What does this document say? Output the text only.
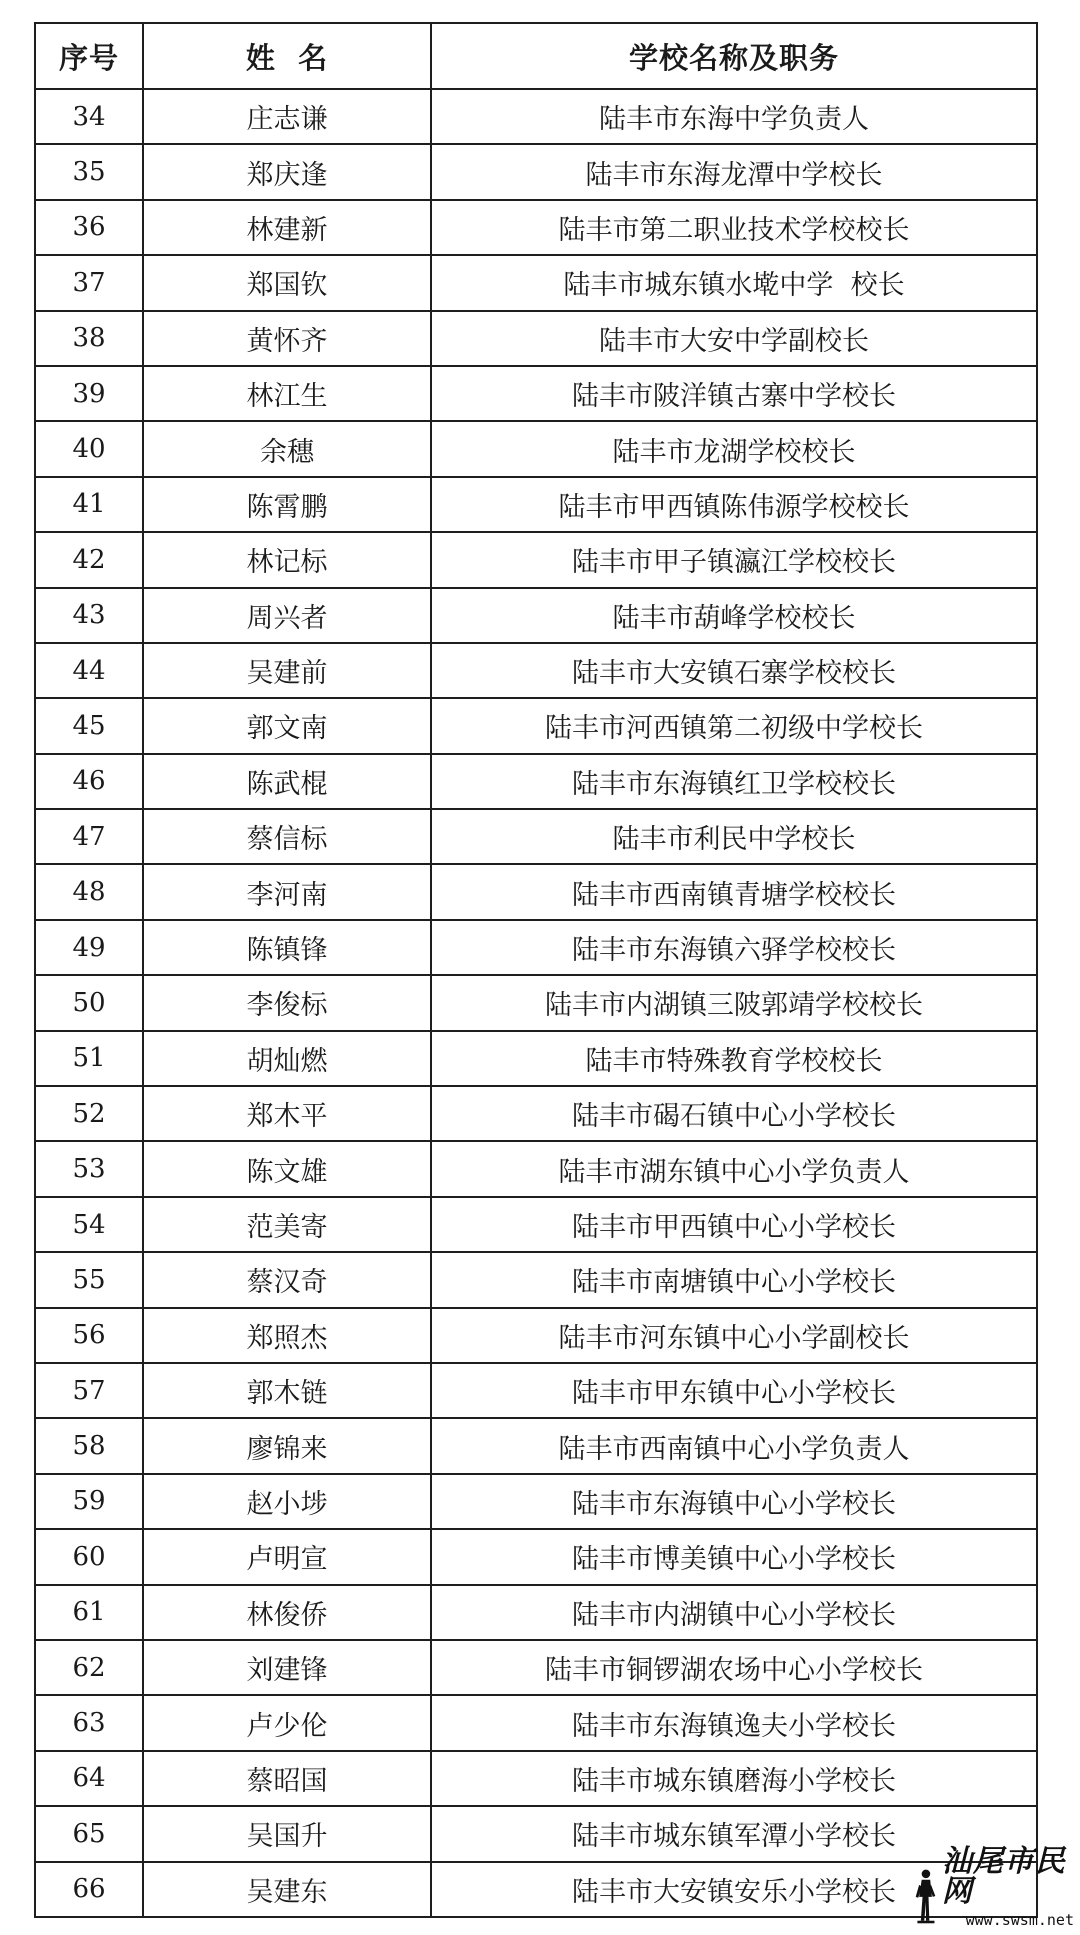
序号	姓  名	学校名称及职务
34	庄志谦	陆丰市东海中学负责人
35	郑庆逢	陆丰市东海龙潭中学校长
36	林建新	陆丰市第二职业技术学校校长
37	郑国钦	陆丰市城东镇水墘中学  校长
38	黄怀齐	陆丰市大安中学副校长
39	林江生	陆丰市陂洋镇古寨中学校长
40	余穗	陆丰市龙湖学校校长
41	陈霄鹏	陆丰市甲西镇陈伟源学校校长
42	林记标	陆丰市甲子镇瀛江学校校长
43	周兴者	陆丰市葫峰学校校长
44	吴建前	陆丰市大安镇石寨学校校长
45	郭文南	陆丰市河西镇第二初级中学校长
46	陈武棍	陆丰市东海镇红卫学校校长
47	蔡信标	陆丰市利民中学校长
48	李河南	陆丰市西南镇青塘学校校长
49	陈镇锋	陆丰市东海镇六驿学校校长
50	李俊标	陆丰市内湖镇三陂郭靖学校校长
51	胡灿燃	陆丰市特殊教育学校校长
52	郑木平	陆丰市碣石镇中心小学校长
53	陈文雄	陆丰市湖东镇中心小学负责人
54	范美寄	陆丰市甲西镇中心小学校长
55	蔡汉奇	陆丰市南塘镇中心小学校长
56	郑照杰	陆丰市河东镇中心小学副校长
57	郭木链	陆丰市甲东镇中心小学校长
58	廖锦来	陆丰市西南镇中心小学负责人
59	赵小埗	陆丰市东海镇中心小学校长
60	卢明宣	陆丰市博美镇中心小学校长
61	林俊侨	陆丰市内湖镇中心小学校长
62	刘建锋	陆丰市铜锣湖农场中心小学校长
63	卢少伦	陆丰市东海镇逸夫小学校长
64	蔡昭国	陆丰市城东镇磨海小学校长
65	吴国升	陆丰市城东镇军潭小学校长
66	吴建东	陆丰市大安镇安乐小学校长
汕尾市民网
www.swsm.net
